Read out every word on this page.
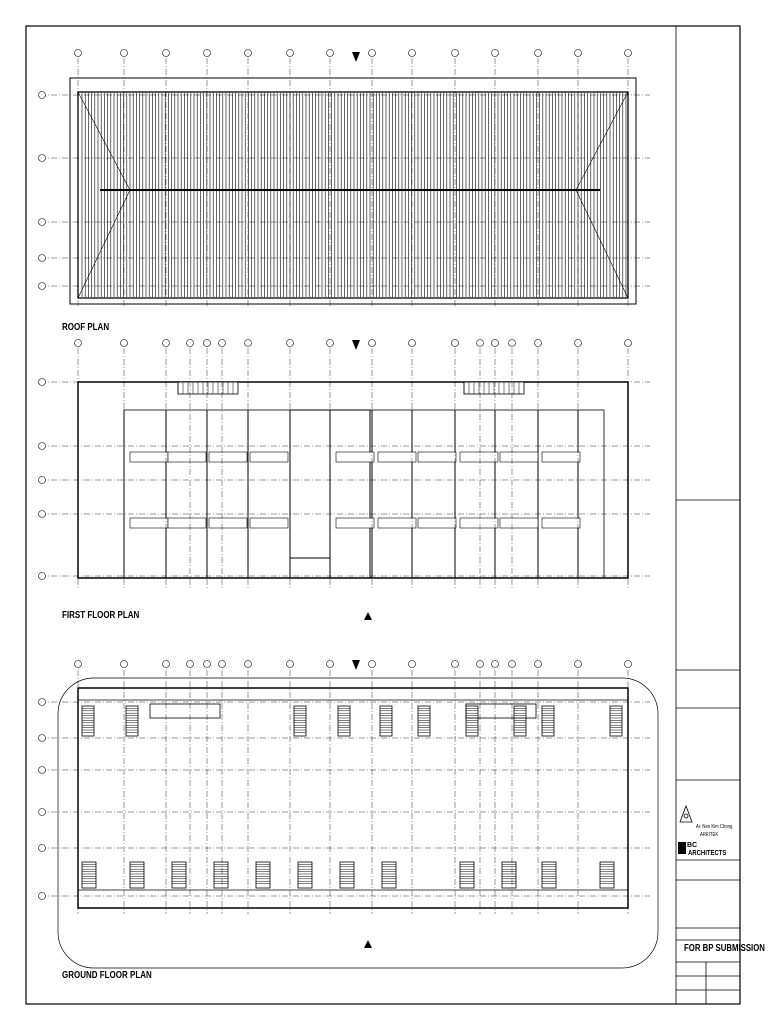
ROOF PLAN
FIRST FLOOR PLAN
GROUND FLOOR PLAN
Ar. Neo Kim Chong
ARKITEK
BC
ARCHITECTS
FOR BP SUBMISSION
